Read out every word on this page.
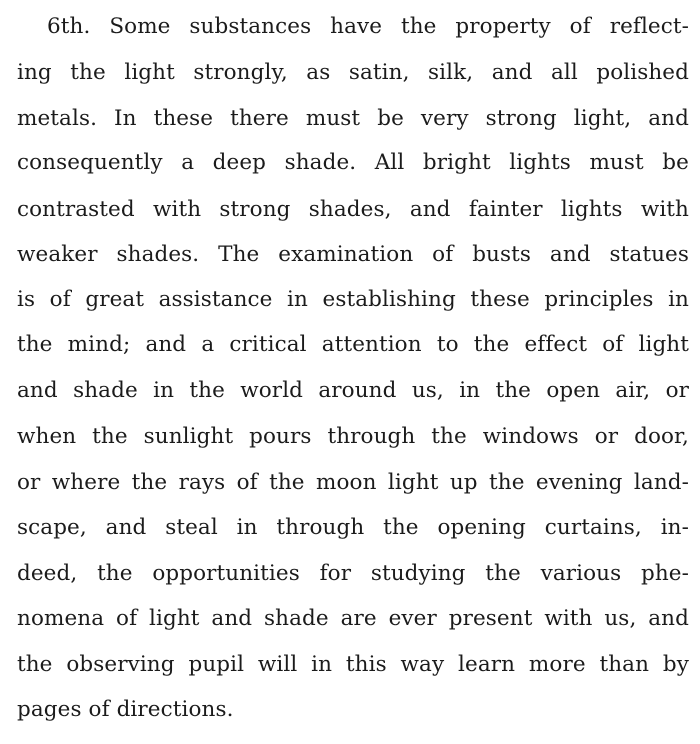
6th. Some substances have the property of reflect-
ing the light strongly, as satin, silk, and all polished
metals. In these there must be very strong light, and
consequently a deep shade. All bright lights must be
contrasted with strong shades, and fainter lights with
weaker shades. The examination of busts and statues
is of great assistance in establishing these principles in
the mind; and a critical attention to the effect of light
and shade in the world around us, in the open air, or
when the sunlight pours through the windows or door,
or where the rays of the moon light up the evening land-
scape, and steal in through the opening curtains, in-
deed, the opportunities for studying the various phe-
nomena of light and shade are ever present with us, and
the observing pupil will in this way learn more than by
pages of directions.
